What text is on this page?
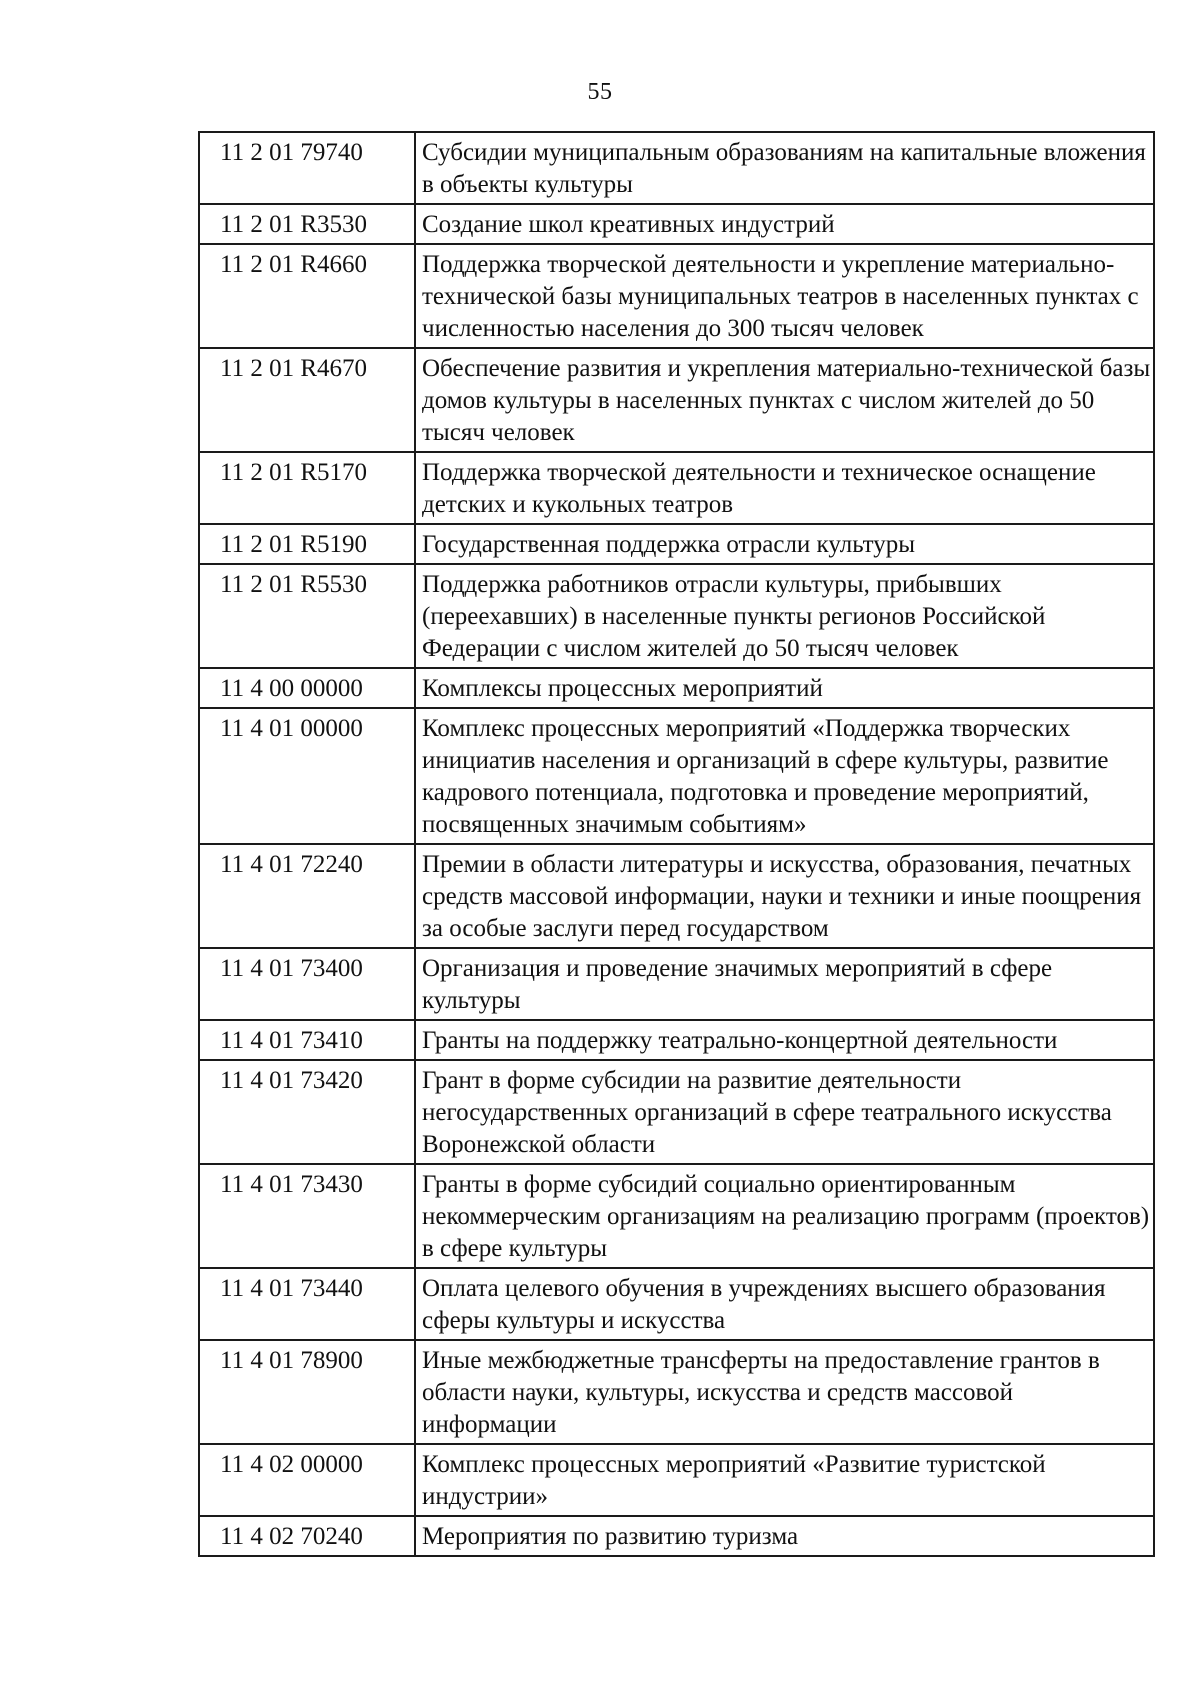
55
11 2 01 79740	Субсидии муниципальным образованиям на капитальные вложения в объекты культуры
11 2 01 R3530	Создание школ креативных индустрий
11 2 01 R4660	Поддержка творческой деятельности и укрепление материально-технической базы муниципальных театров в населенных пунктах с численностью населения до 300 тысяч человек
11 2 01 R4670	Обеспечение развития и укрепления материально-технической базы домов культуры в населенных пунктах с числом жителей до 50 тысяч человек
11 2 01 R5170	Поддержка творческой деятельности и техническое оснащение детских и кукольных театров
11 2 01 R5190	Государственная поддержка отрасли культуры
11 2 01 R5530	Поддержка работников отрасли культуры, прибывших (переехавших) в населенные пункты регионов Российской Федерации с числом жителей до 50 тысяч человек
11 4 00 00000	Комплексы процессных мероприятий
11 4 01 00000	Комплекс процессных мероприятий «Поддержка творческих инициатив населения и организаций в сфере культуры, развитие кадрового потенциала, подготовка и проведение мероприятий, посвященных значимым событиям»
11 4 01 72240	Премии в области литературы и искусства, образования, печатных средств массовой информации, науки и техники и иные поощрения за особые заслуги перед государством
11 4 01 73400	Организация и проведение значимых мероприятий в сфере культуры
11 4 01 73410	Гранты на поддержку театрально-концертной деятельности
11 4 01 73420	Грант в форме субсидии на развитие деятельности негосударственных организаций в сфере театрального искусства Воронежской области
11 4 01 73430	Гранты в форме субсидий социально ориентированным некоммерческим организациям на реализацию программ (проектов) в сфере культуры
11 4 01 73440	Оплата целевого обучения в учреждениях высшего образования сферы культуры и искусства
11 4 01 78900	Иные межбюджетные трансферты на предоставление грантов в области науки, культуры, искусства и средств массовой информации
11 4 02 00000	Комплекс процессных мероприятий «Развитие туристской индустрии»
11 4 02 70240	Мероприятия по развитию туризма
